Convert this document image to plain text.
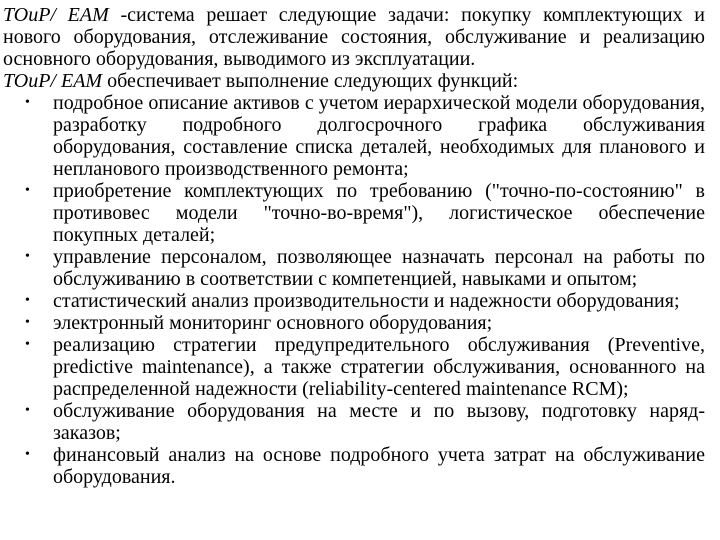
TOuP/ EAM -система решает следующие задачи: покупку комплектующих и нового оборудования, отслеживание состояния, обслуживание и реализацию основного оборудования, выводимого из эксплуатации.

TOuP/ EAM обеспечивает выполнение следующих функций:

• подробное описание активов с учетом иерархической модели оборудования, разработку подробного долгосрочного графика обслуживания оборудования, составление списка деталей, необходимых для планового и непланового производственного ремонта;
• приобретение комплектующих по требованию ("точно-по-состоянию" в противовес модели "точно-во-время"), логистическое обеспечение покупных деталей;
• управление персоналом, позволяющее назначать персонал на работы по обслуживанию в соответствии с компетенцией, навыками и опытом;
• статистический анализ производительности и надежности оборудования;
• электронный мониторинг основного оборудования;
• реализацию стратегии предупредительного обслуживания (Preventive, predictive maintenance), а также стратегии обслуживания, основанного на распределенной надежности (reliability-centered maintenance RCM);
• обслуживание оборудования на месте и по вызову, подготовку наряд-заказов;
• финансовый анализ на основе подробного учета затрат на обслуживание оборудования.
